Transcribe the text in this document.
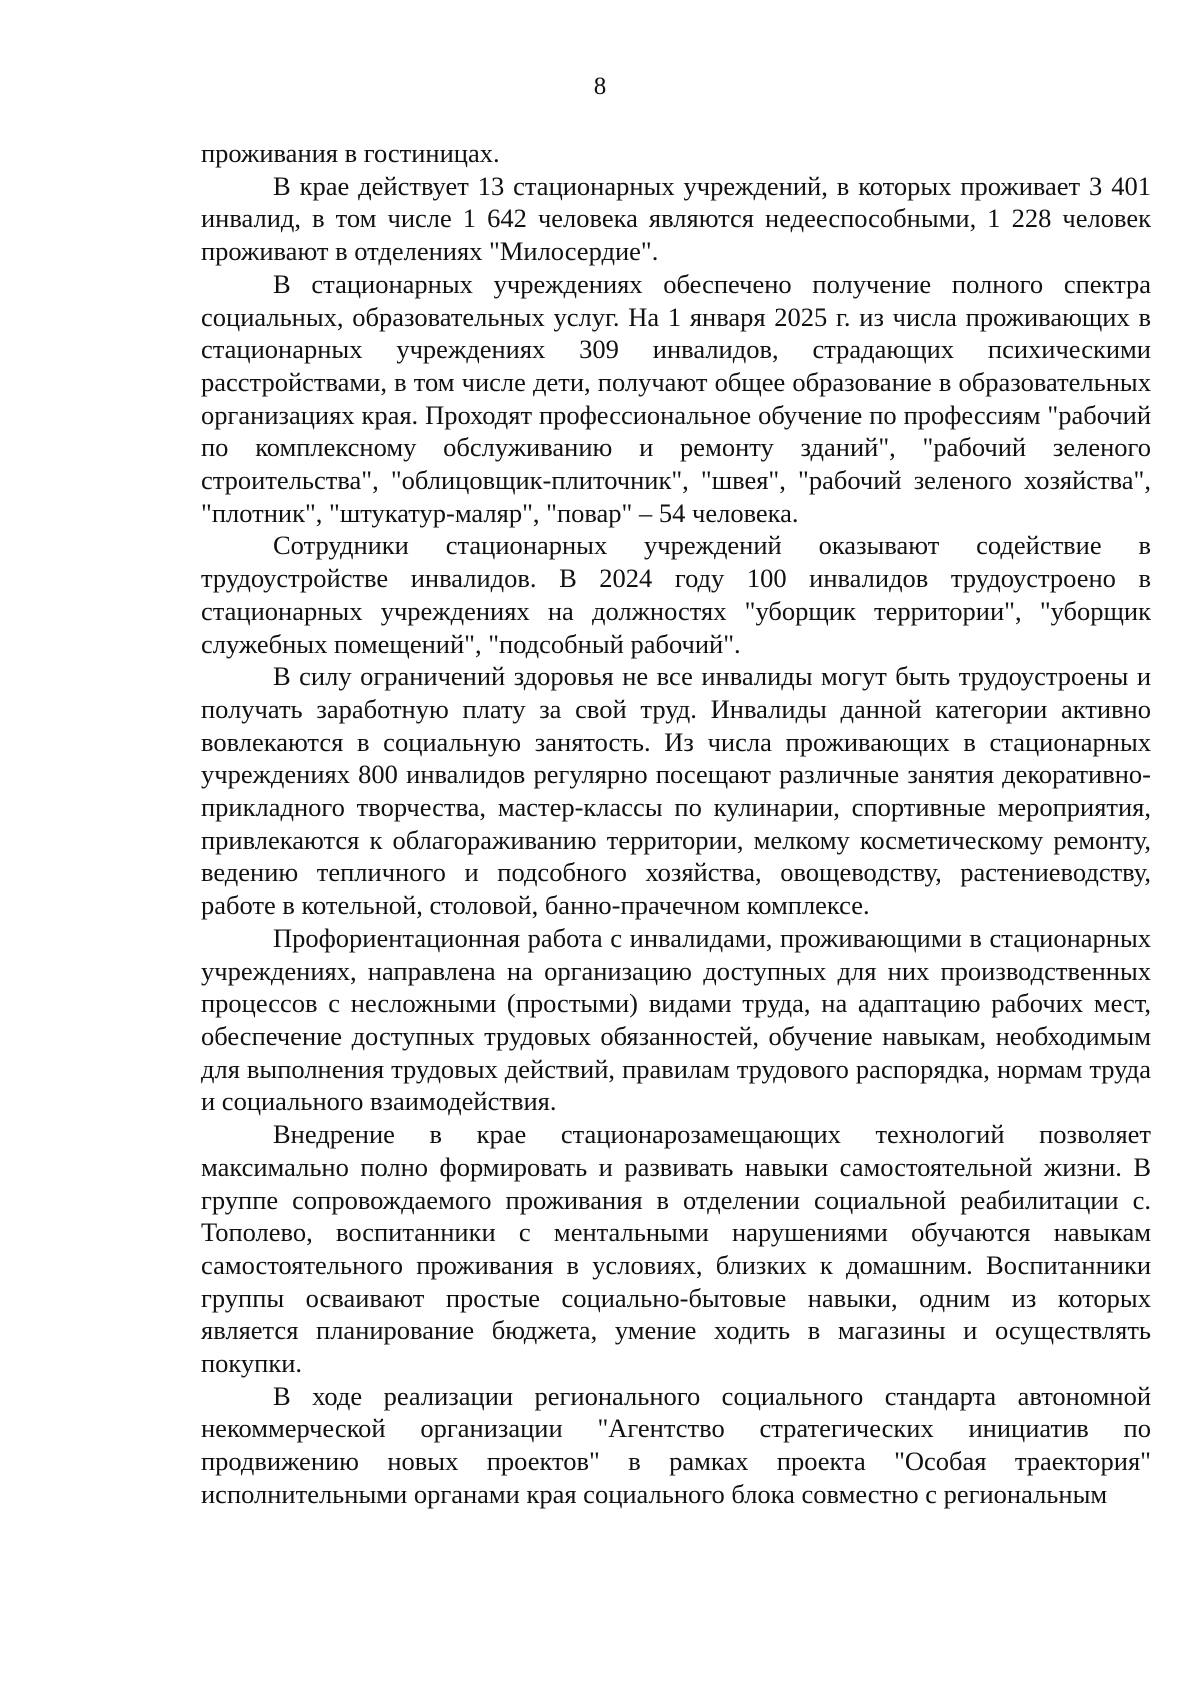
8

проживания в гостиницах.

В крае действует 13 стационарных учреждений, в которых проживает 3 401 инвалид, в том числе 1 642 человека являются недееспособными, 1 228 человек проживают в отделениях "Милосердие".

В стационарных учреждениях обеспечено получение полного спектра социальных, образовательных услуг. На 1 января 2025 г. из числа проживающих в стационарных учреждениях 309 инвалидов, страдающих психическими расстройствами, в том числе дети, получают общее образование в образовательных организациях края. Проходят профессиональное обучение по профессиям "рабочий по комплексному обслуживанию и ремонту зданий", "рабочий зеленого строительства", "облицовщик-плиточник", "швея", "рабочий зеленого хозяйства", "плотник", "штукатур-маляр", "повар" – 54 человека.

Сотрудники стационарных учреждений оказывают содействие в трудоустройстве инвалидов. В 2024 году 100 инвалидов трудоустроено в стационарных учреждениях на должностях "уборщик территории", "уборщик служебных помещений", "подсобный рабочий".

В силу ограничений здоровья не все инвалиды могут быть трудоустроены и получать заработную плату за свой труд. Инвалиды данной категории активно вовлекаются в социальную занятость. Из числа проживающих в стационарных учреждениях 800 инвалидов регулярно посещают различные занятия декоративно-прикладного творчества, мастер-классы по кулинарии, спортивные мероприятия, привлекаются к облагораживанию территории, мелкому косметическому ремонту, ведению тепличного и подсобного хозяйства, овощеводству, растениеводству, работе в котельной, столовой, банно-прачечном комплексе.

Профориентационная работа с инвалидами, проживающими в стационарных учреждениях, направлена на организацию доступных для них производственных процессов с несложными (простыми) видами труда, на адаптацию рабочих мест, обеспечение доступных трудовых обязанностей, обучение навыкам, необходимым для выполнения трудовых действий, правилам трудового распорядка, нормам труда и социального взаимодействия.

Внедрение в крае стационарозамещающих технологий позволяет максимально полно формировать и развивать навыки самостоятельной жизни. В группе сопровождаемого проживания в отделении социальной реабилитации с. Тополево, воспитанники с ментальными нарушениями обучаются навыкам самостоятельного проживания в условиях, близких к домашним. Воспитанники группы осваивают простые социально-бытовые навыки, одним из которых является планирование бюджета, умение ходить в магазины и осуществлять покупки.

В ходе реализации регионального социального стандарта автономной некоммерческой организации "Агентство стратегических инициатив по продвижению новых проектов" в рамках проекта "Особая траектория" исполнительными органами края социального блока совместно с региональным
